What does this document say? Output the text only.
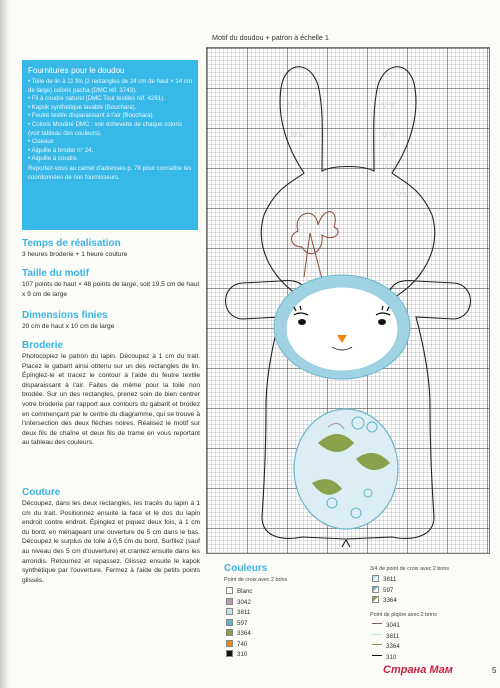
Fournitures pour le doudou
• Toile de lin à 11 fils (2 rectangles de 24 cm de haut × 14 cm de large) coloris pacha (DMC réf. 3743).
• Fil à coudre naturel (DMC Tout textiles réf. 4261).
• Kapok synthétique lavable (Bouchara).
• Feutre textile disparaissant à l'air (Bouchara).
• Coloris Mouliné DMC : voir échevette de chaque coloris (voir tableau des couleurs).
• Ciseaux
• Aiguille à broder n° 24.
• Aiguille à coudre.
Reportez-vous au carnet d'adresses p. 78 pour connaître les coordonnées de nos fournisseurs.
Temps de réalisation
3 heures broderie + 1 heure couture
Taille du motif
107 points de haut × 48 points de large, soit 19,5 cm de haut x 9 cm de large
Dimensions finies
20 cm de haut x 10 cm de large
Broderie
Photocopiez le patron du lapin. Découpez à 1 cm du trait. Placez le gabarit ainsi obtenu sur un des rectangles de lin. Épinglez-le et tracez le contour à l'aide du feutre textile disparaissant à l'air. Faites de même pour la toile non brodée. Sur un des rectangles, prenez soin de bien centrer votre broderie par rapport aux contours du gabarit et brodez en commençant par le centre du diagramme, qui se trouve à l'intersection des deux flèches noires. Réalisez le motif sur deux fils de chaîne et deux fils de trame en vous reportant au tableau des couleurs.
Couture
Découpez, dans les deux rectangles, les tracés du lapin à 1 cm du trait. Positionnez ensuite la face et le dos du lapin endroit contre endroit. Épinglez et piquez deux fois, à 1 cm du bord, en ménageant une ouverture de 5 cm dans le bas. Découpez le surplus de toile à 0,5 cm du bord. Surfilez (sauf au niveau des 5 cm d'ouverture) et crantez ensuite dans les arrondis. Retournez et repassez. Glissez ensuite le kapok synthétique par l'ouverture. Fermez à l'aide de petits points glissés.
Motif du doudou + patron à échelle 1
▽ ▽ ▽	▽ ▽
▽ ▽	▽ ▽
▽ ▽
▽ ▽
Couleurs
Point de croix avec 2 brins
Blanc
3042
3811
597
3364
740
310
3/4 de point de croix avec 2 brins
3811
597
3364
Point de piqûre avec 2 brins
3041
3811
3364
310
Страна Мам	5
